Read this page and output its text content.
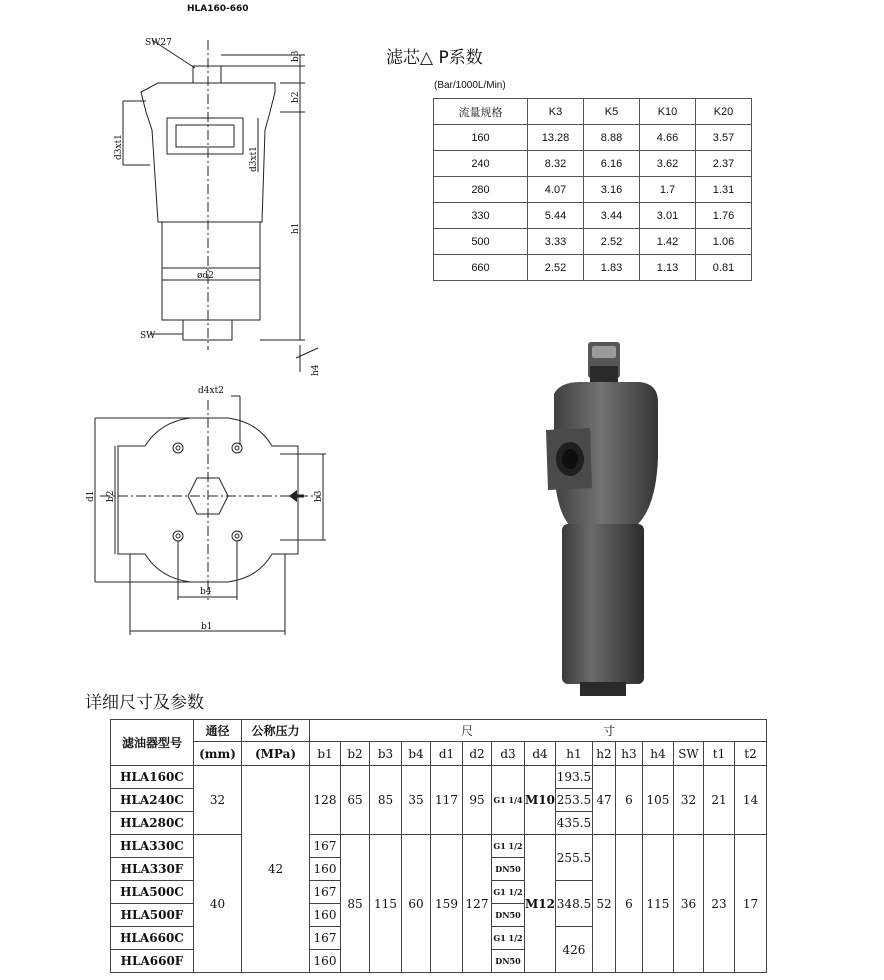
HLA160-660
SW27
b3
b2
d3xt1	d3xt1
h1
ød2
SW
h4
d4xt2
d1 b2	b3
b4
b1
滤芯△ P系数
(Bar/1000L/Min)
流量规格	K3	K5	K10	K20
160	13.28	8.88	4.66	3.57
240	8.32	6.16	3.62	2.37
280	4.07	3.16	1.7	1.31
330	5.44	3.44	3.01	1.76
500	3.33	2.52	1.42	1.06
660	2.52	1.83	1.13	0.81
详细尺寸及参数
滤油器型号	通径	公称压力	尺 寸														
	(mm)	(MPa)	b1	b2	b3	b4	d1	d2	d3	d4	h1	h2	h3	h4	SW	t1	t2
HLA160C	32	42	128	65	85	35	117	95	G1 1/4	M10	193.5	47	6	105	32	21	14
HLA240C											253.5						
HLA280C											435.5						
HLA330C	40		167	85	115	60	159	127	G1 1/2	M12	255.5	52	6	115	36	23	17
HLA330F			160						DN50								
HLA500C			167						G1 1/2		348.5						
HLA500F			160						DN50								
HLA660C			167						G1 1/2		426						
HLA660F			160						DN50								
